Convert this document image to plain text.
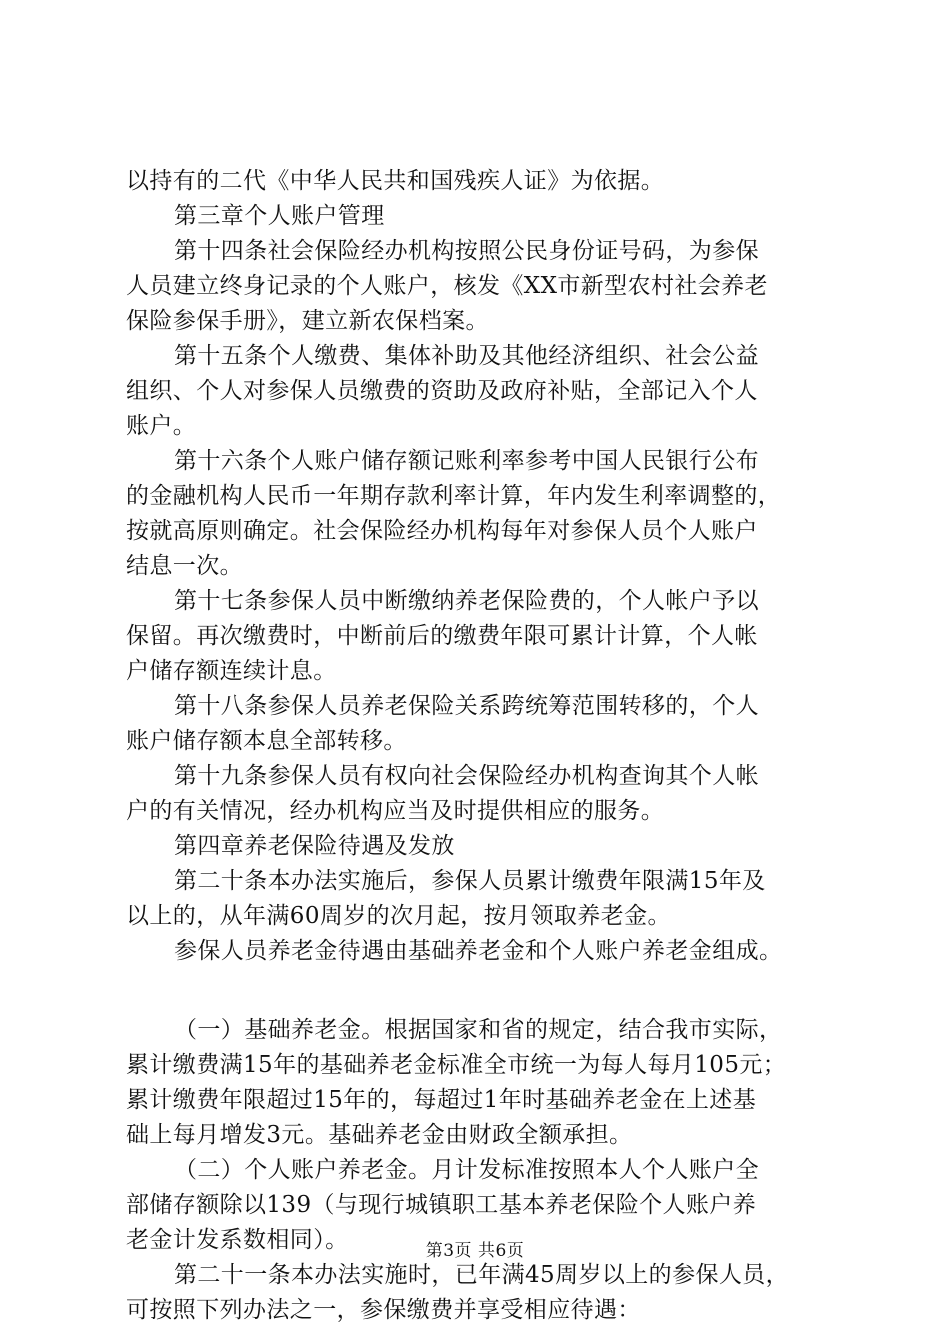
以持有的二代《中华人民共和国残疾人证》为依据。
第三章个人账户管理
第十四条社会保险经办机构按照公民身份证号码，为参保
人员建立终身记录的个人账户，核发《XX市新型农村社会养老
保险参保手册》，建立新农保档案。
第十五条个人缴费、集体补助及其他经济组织、社会公益
组织、个人对参保人员缴费的资助及政府补贴，全部记入个人
账户。
第十六条个人账户储存额记账利率参考中国人民银行公布
的金融机构人民币一年期存款利率计算，年内发生利率调整的，
按就高原则确定。社会保险经办机构每年对参保人员个人账户
结息一次。
第十七条参保人员中断缴纳养老保险费的，个人帐户予以
保留。再次缴费时，中断前后的缴费年限可累计计算，个人帐
户储存额连续计息。
第十八条参保人员养老保险关系跨统筹范围转移的，个人
账户储存额本息全部转移。
第十九条参保人员有权向社会保险经办机构查询其个人帐
户的有关情况，经办机构应当及时提供相应的服务。
第四章养老保险待遇及发放
第二十条本办法实施后，参保人员累计缴费年限满15年及
以上的，从年满60周岁的次月起，按月领取养老金。
参保人员养老金待遇由基础养老金和个人账户养老金组成。
（一）基础养老金。根据国家和省的规定，结合我市实际，
累计缴费满15年的基础养老金标准全市统一为每人每月105元；
累计缴费年限超过15年的，每超过1年时基础养老金在上述基
础上每月增发3元。基础养老金由财政全额承担。
（二）个人账户养老金。月计发标准按照本人个人账户全
部储存额除以139（与现行城镇职工基本养老保险个人账户养
老金计发系数相同）。
第二十一条本办法实施时，已年满45周岁以上的参保人员，
可按照下列办法之一，参保缴费并享受相应待遇：
第3页 共6页
